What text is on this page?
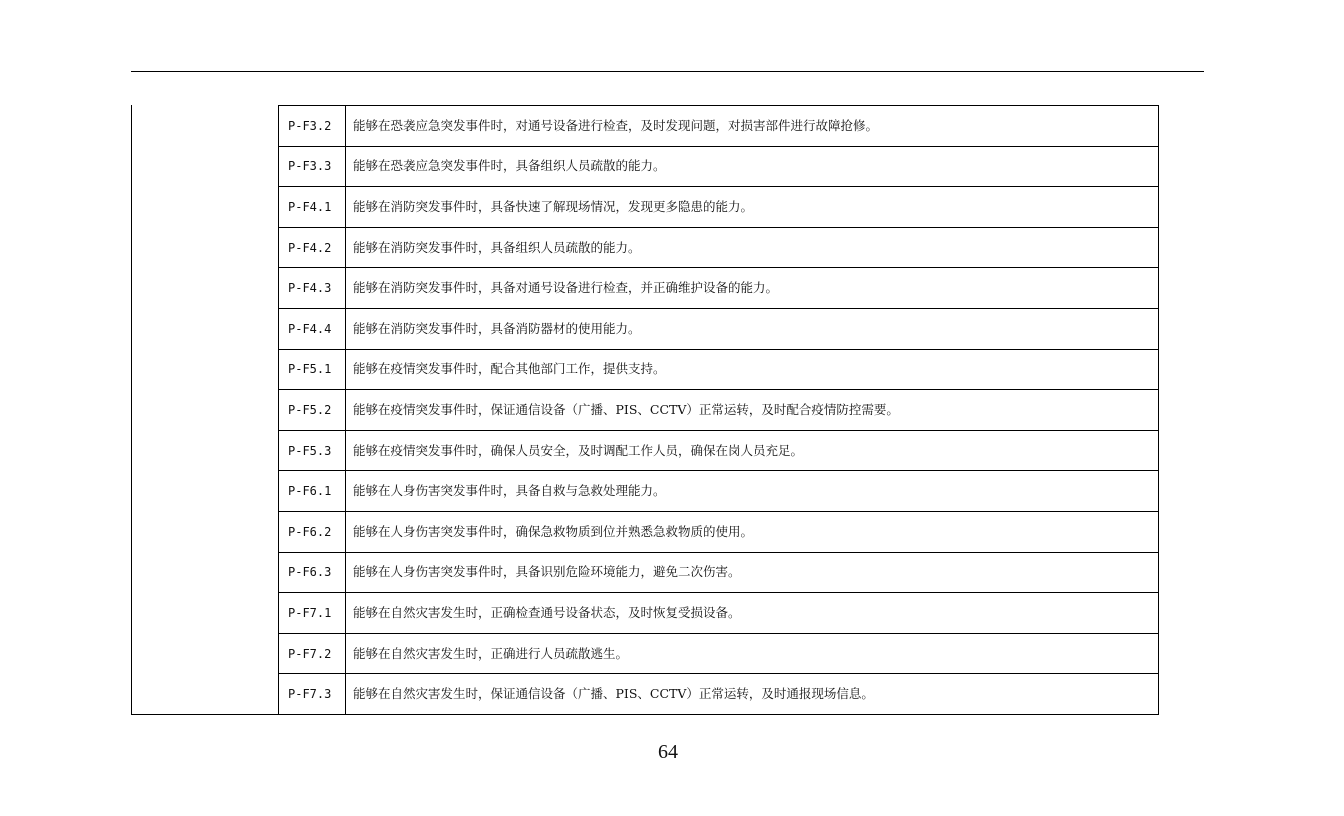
P-F3.2	能够在恐袭应急突发事件时，对通号设备进行检查，及时发现问题，对损害部件进行故障抢修。
P-F3.3	能够在恐袭应急突发事件时，具备组织人员疏散的能力。
P-F4.1	能够在消防突发事件时，具备快速了解现场情况，发现更多隐患的能力。
P-F4.2	能够在消防突发事件时，具备组织人员疏散的能力。
P-F4.3	能够在消防突发事件时，具备对通号设备进行检查，并正确维护设备的能力。
P-F4.4	能够在消防突发事件时，具备消防器材的使用能力。
P-F5.1	能够在疫情突发事件时，配合其他部门工作，提供支持。
P-F5.2	能够在疫情突发事件时，保证通信设备（广播、PIS、CCTV）正常运转，及时配合疫情防控需要。
P-F5.3	能够在疫情突发事件时，确保人员安全，及时调配工作人员，确保在岗人员充足。
P-F6.1	能够在人身伤害突发事件时，具备自救与急救处理能力。
P-F6.2	能够在人身伤害突发事件时，确保急救物质到位并熟悉急救物质的使用。
P-F6.3	能够在人身伤害突发事件时，具备识别危险环境能力，避免二次伤害。
P-F7.1	能够在自然灾害发生时，正确检查通号设备状态，及时恢复受损设备。
P-F7.2	能够在自然灾害发生时，正确进行人员疏散逃生。
P-F7.3	能够在自然灾害发生时，保证通信设备（广播、PIS、CCTV）正常运转，及时通报现场信息。
64
